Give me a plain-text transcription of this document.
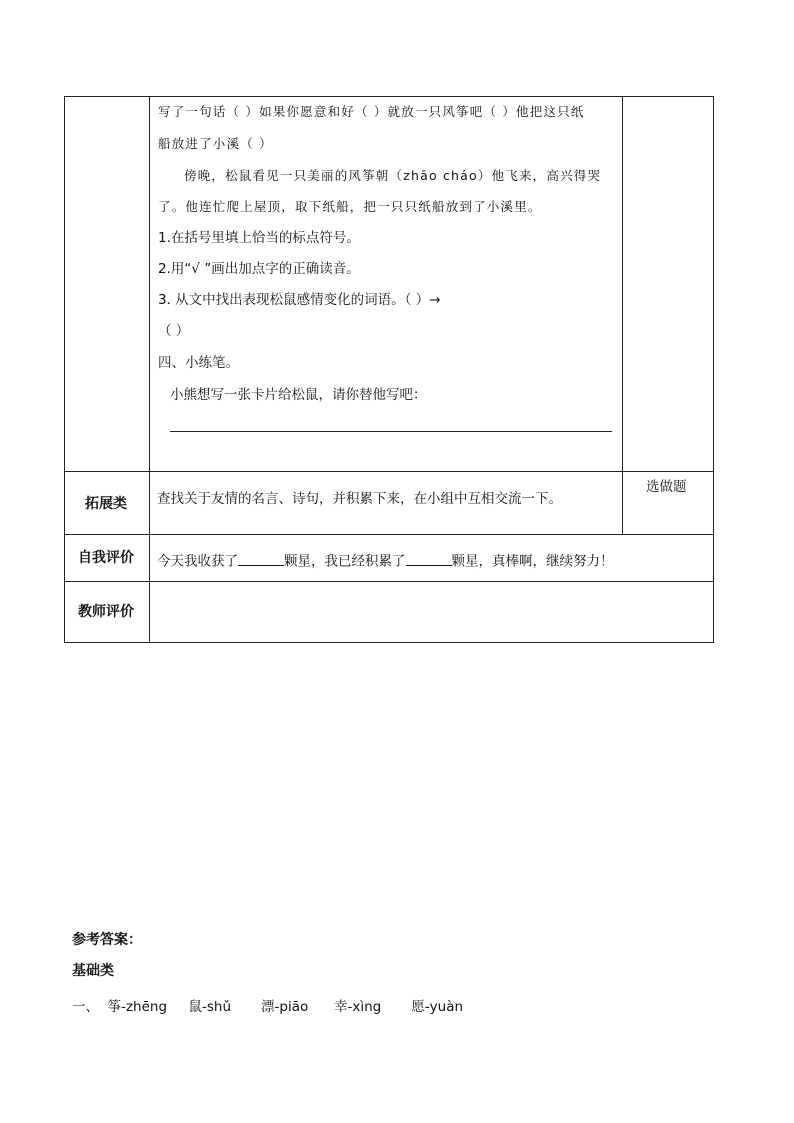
写了一句话（ ）如果你愿意和好（ ）就放一只风筝吧（ ）他把这只纸
船放进了小溪（ ）
傍晚，松鼠看见一只美丽的风筝朝（zhāo cháo）他飞来，高兴得哭
了。他连忙爬上屋顶，取下纸船，把一只只纸船放到了小溪里。
1.在括号里填上恰当的标点符号。
2.用“√ ”画出加点字的正确读音。
3. 从文中找出表现松鼠感情变化的词语。（ ）→
（ ）
四、小练笔。
小熊想写一张卡片给松鼠，请你替他写吧：
拓展类 查找关于友情的名言、诗句，并积累下来，在小组中互相交流一下。
选做题
自我评价 今天我收获了	颗星，我已经积累了	颗星，真棒啊，继续努力！
教师评价
参考答案：
基础类
一、  筝-zhēng     鼠-shǔ       漂-piāo      幸-xìng       愿-yuàn
